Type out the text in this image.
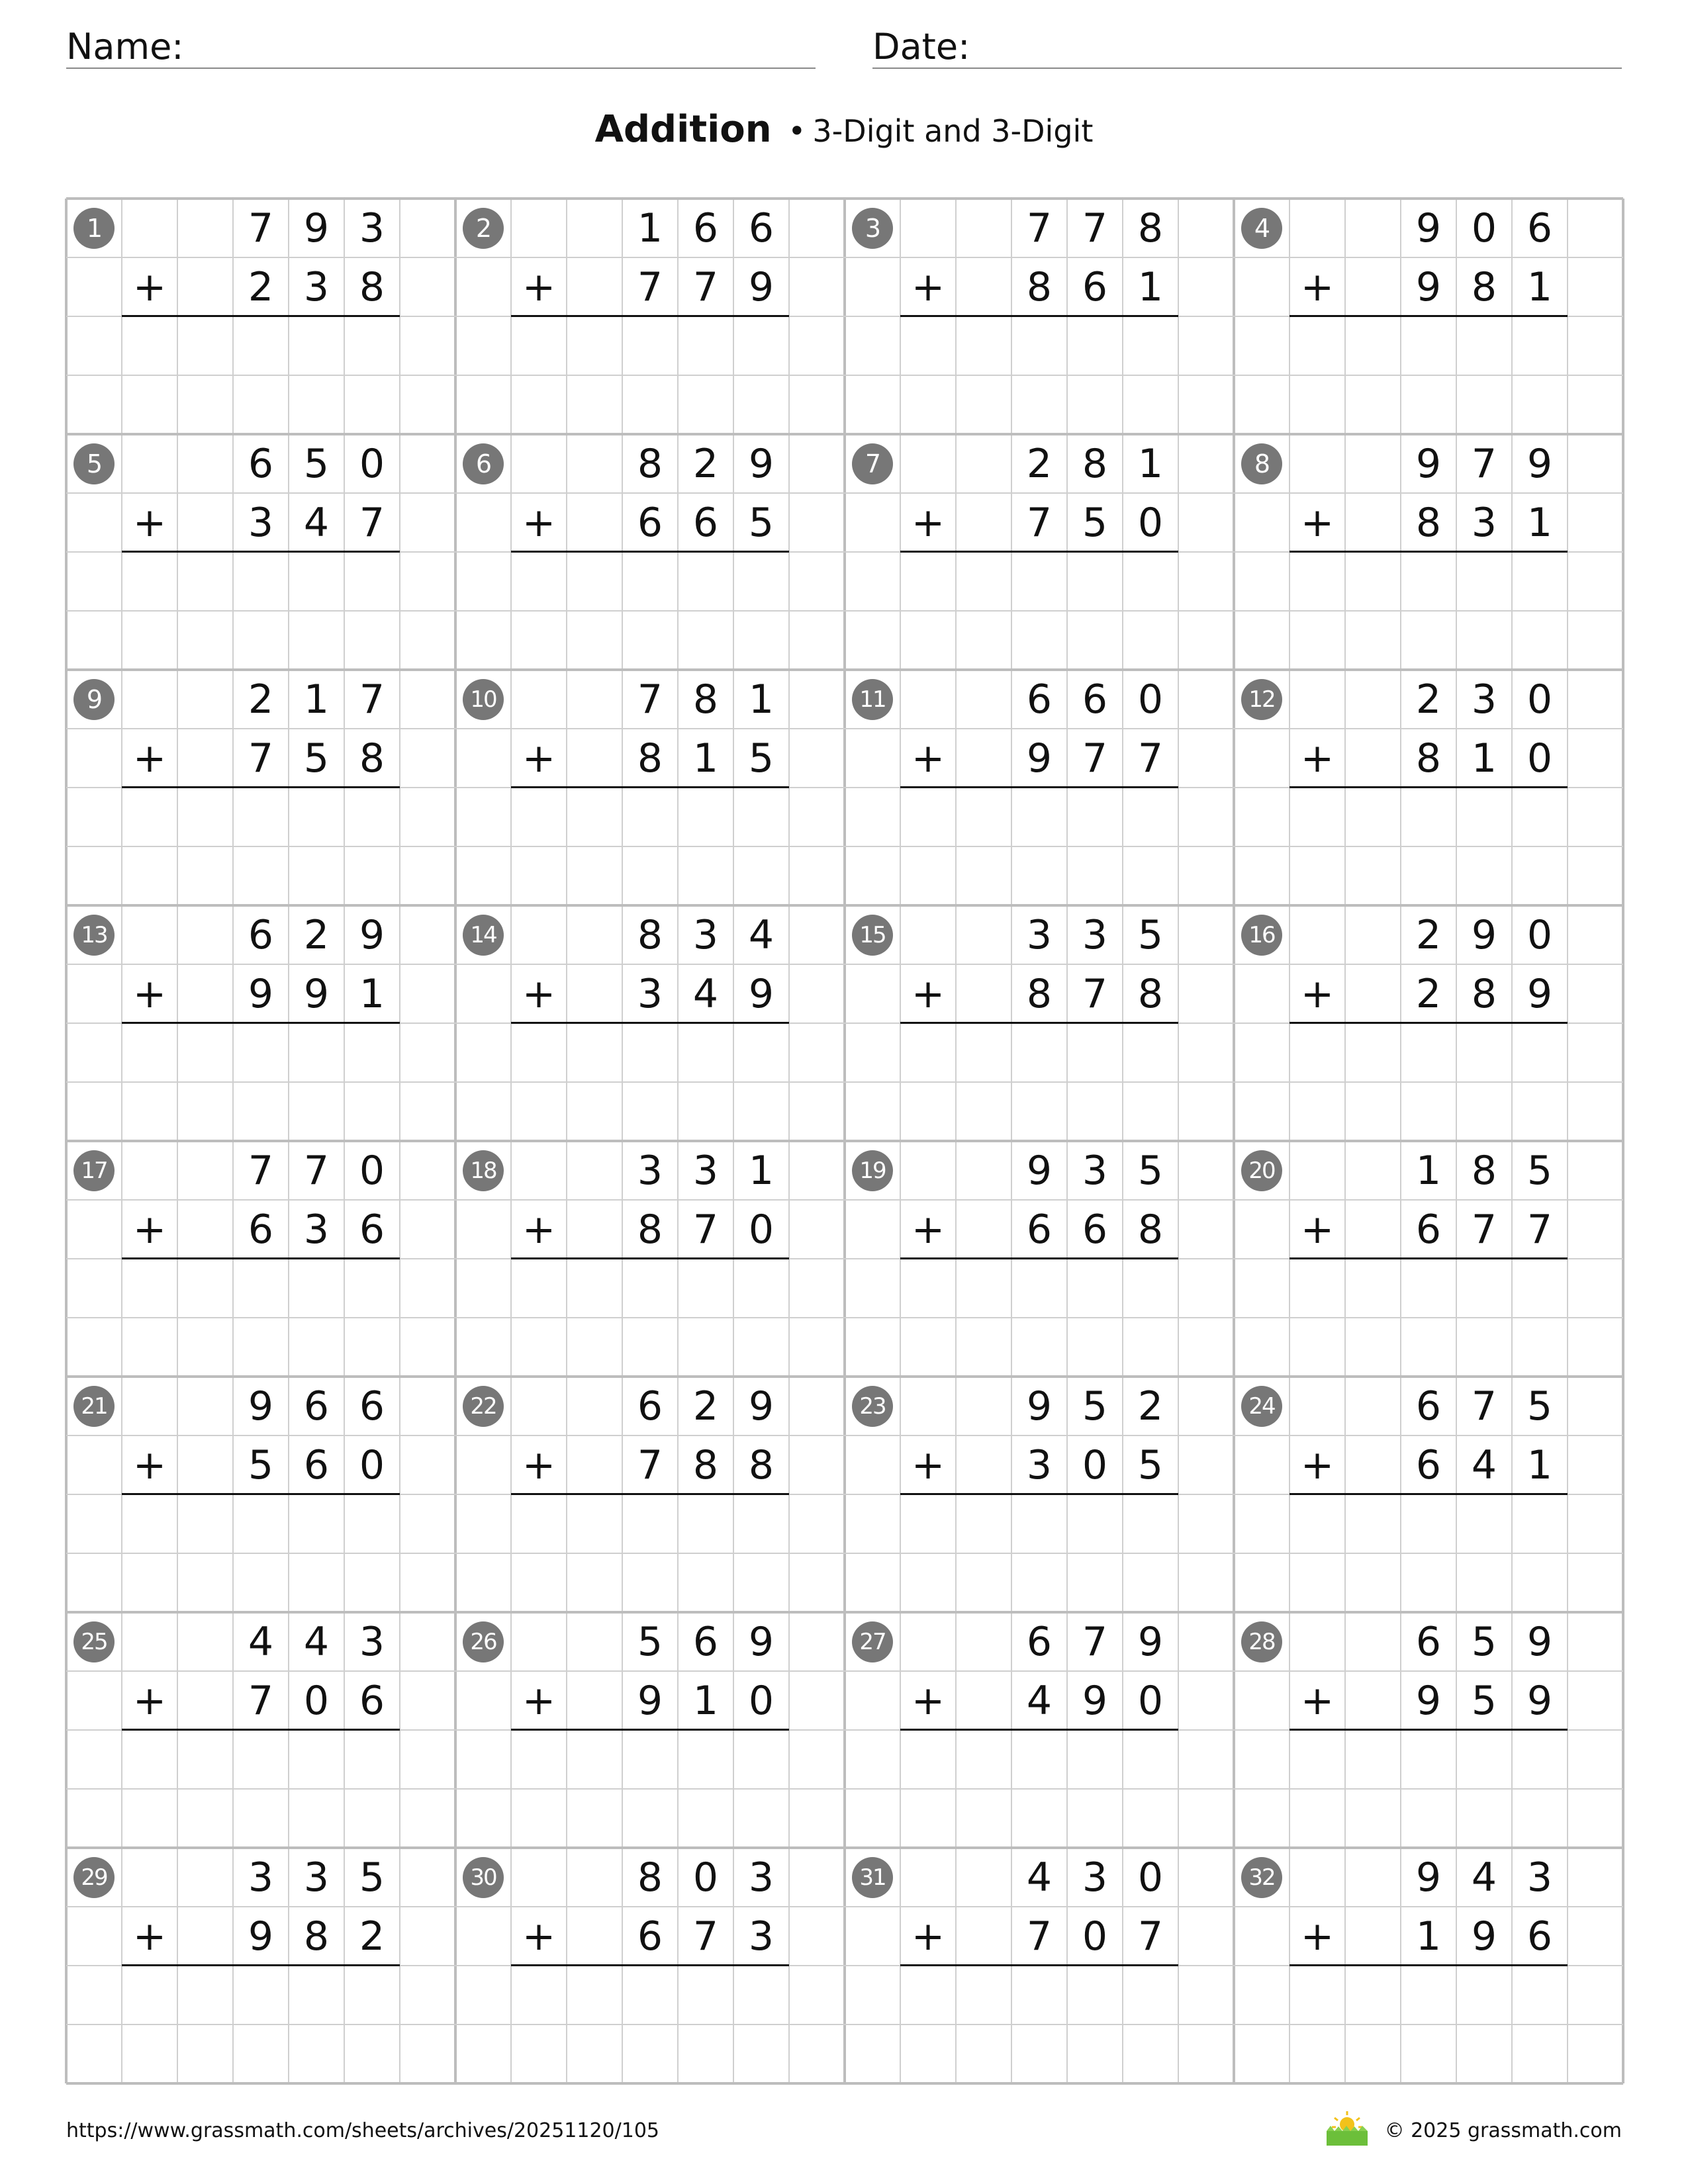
Name:	Date:
Addition • 3-Digit and 3-Digit
1	7 9 3
+	2 3 8
2	1 6 6
+	7 7 9
3	7 7 8
+	8 6 1
4	9 0 6
+	9 8 1
5	6 5 0
+	3 4 7
6	8 2 9
+	6 6 5
7	2 8 1
+	7 5 0
8	9 7 9
+	8 3 1
9	2 1 7
+	7 5 8
10	7 8 1
+	8 1 5
11	6 6 0
+	9 7 7
12	2 3 0
+	8 1 0
13	6 2 9
+	9 9 1
14	8 3 4
+	3 4 9
15	3 3 5
+	8 7 8
16	2 9 0
+	2 8 9
17	7 7 0
+	6 3 6
18	3 3 1
+	8 7 0
19	9 3 5
+	6 6 8
20	1 8 5
+	6 7 7
21	9 6 6
+	5 6 0
22	6 2 9
+	7 8 8
23	9 5 2
+	3 0 5
24	6 7 5
+	6 4 1
25	4 4 3
+	7 0 6
26	5 6 9
+	9 1 0
27	6 7 9
+	4 9 0
28	6 5 9
+	9 5 9
29	3 3 5
+	9 8 2
30	8 0 3
+	6 7 3
31	4 3 0
+	7 0 7
32	9 4 3
+	1 9 6
https://www.grassmath.com/sheets/archives/20251120/105	© 2025 grassmath.com
